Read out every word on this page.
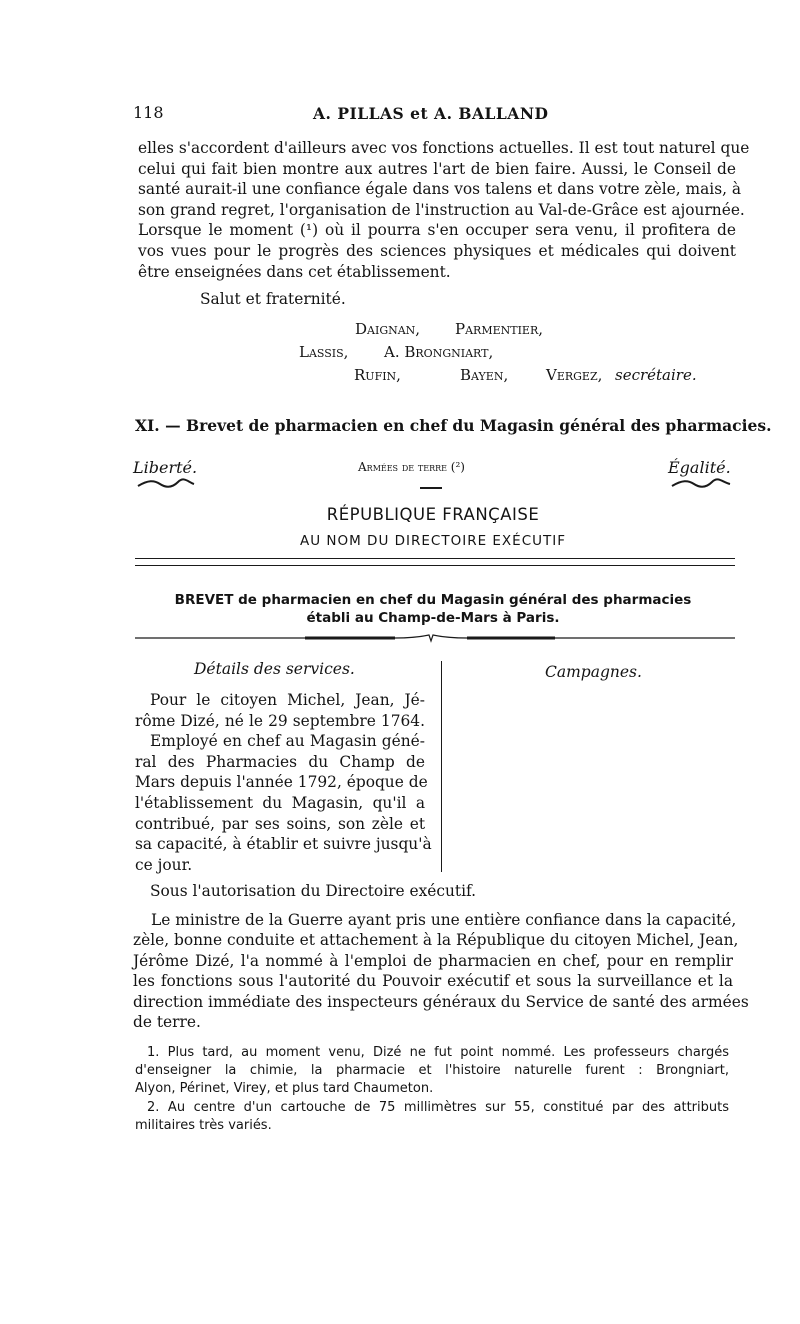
118	A. PILLAS et A. BALLAND
elles s'accordent d'ailleurs avec vos fonctions actuelles. Il est tout naturel que
celui qui fait bien montre aux autres l'art de bien faire. Aussi, le Conseil de
santé aurait-il une confiance égale dans vos talens et dans votre zèle, mais, à
son grand regret, l'organisation de l'instruction au Val-de-Grâce est ajournée.
Lorsque le moment (¹) où il pourra s'en occuper sera venu, il profitera de
vos vues pour le progrès des sciences physiques et médicales qui doivent
être enseignées dans cet établissement.
Salut et fraternité.
Daignan, Parmentier,
Lassis, A. Brongniart,
Rufin,	Bayen,	Vergez, secrétaire.
XI. — Brevet de pharmacien en chef du Magasin général des pharmacies.
Liberté.	Égalité.
Armées de terre (²)
RÉPUBLIQUE FRANÇAISE
AU NOM DU DIRECTOIRE EXÉCUTIF
BREVET de pharmacien en chef du Magasin général des pharmacies
établi au Champ-de-Mars à Paris.
Détails des services.	Campagnes.
Pour le citoyen Michel, Jean, Jé-
rôme Dizé, né le 29 septembre 1764.
Employé en chef au Magasin géné-
ral des Pharmacies du Champ de
Mars depuis l'année 1792, époque de
l'établissement du Magasin, qu'il a
contribué, par ses soins, son zèle et
sa capacité, à établir et suivre jusqu'à
ce jour.
Sous l'autorisation du Directoire exécutif.
Le ministre de la Guerre ayant pris une entière confiance dans la capacité,
zèle, bonne conduite et attachement à la République du citoyen Michel, Jean,
Jérôme Dizé, l'a nommé à l'emploi de pharmacien en chef, pour en remplir
les fonctions sous l'autorité du Pouvoir exécutif et sous la surveillance et la
direction immédiate des inspecteurs généraux du Service de santé des armées
de terre.
1. Plus tard, au moment venu, Dizé ne fut point nommé. Les professeurs chargés
d'enseigner la chimie, la pharmacie et l'histoire naturelle furent : Brongniart,
Alyon, Périnet, Virey, et plus tard Chaumeton.
2. Au centre d'un cartouche de 75 millimètres sur 55, constitué par des attributs
militaires très variés.
